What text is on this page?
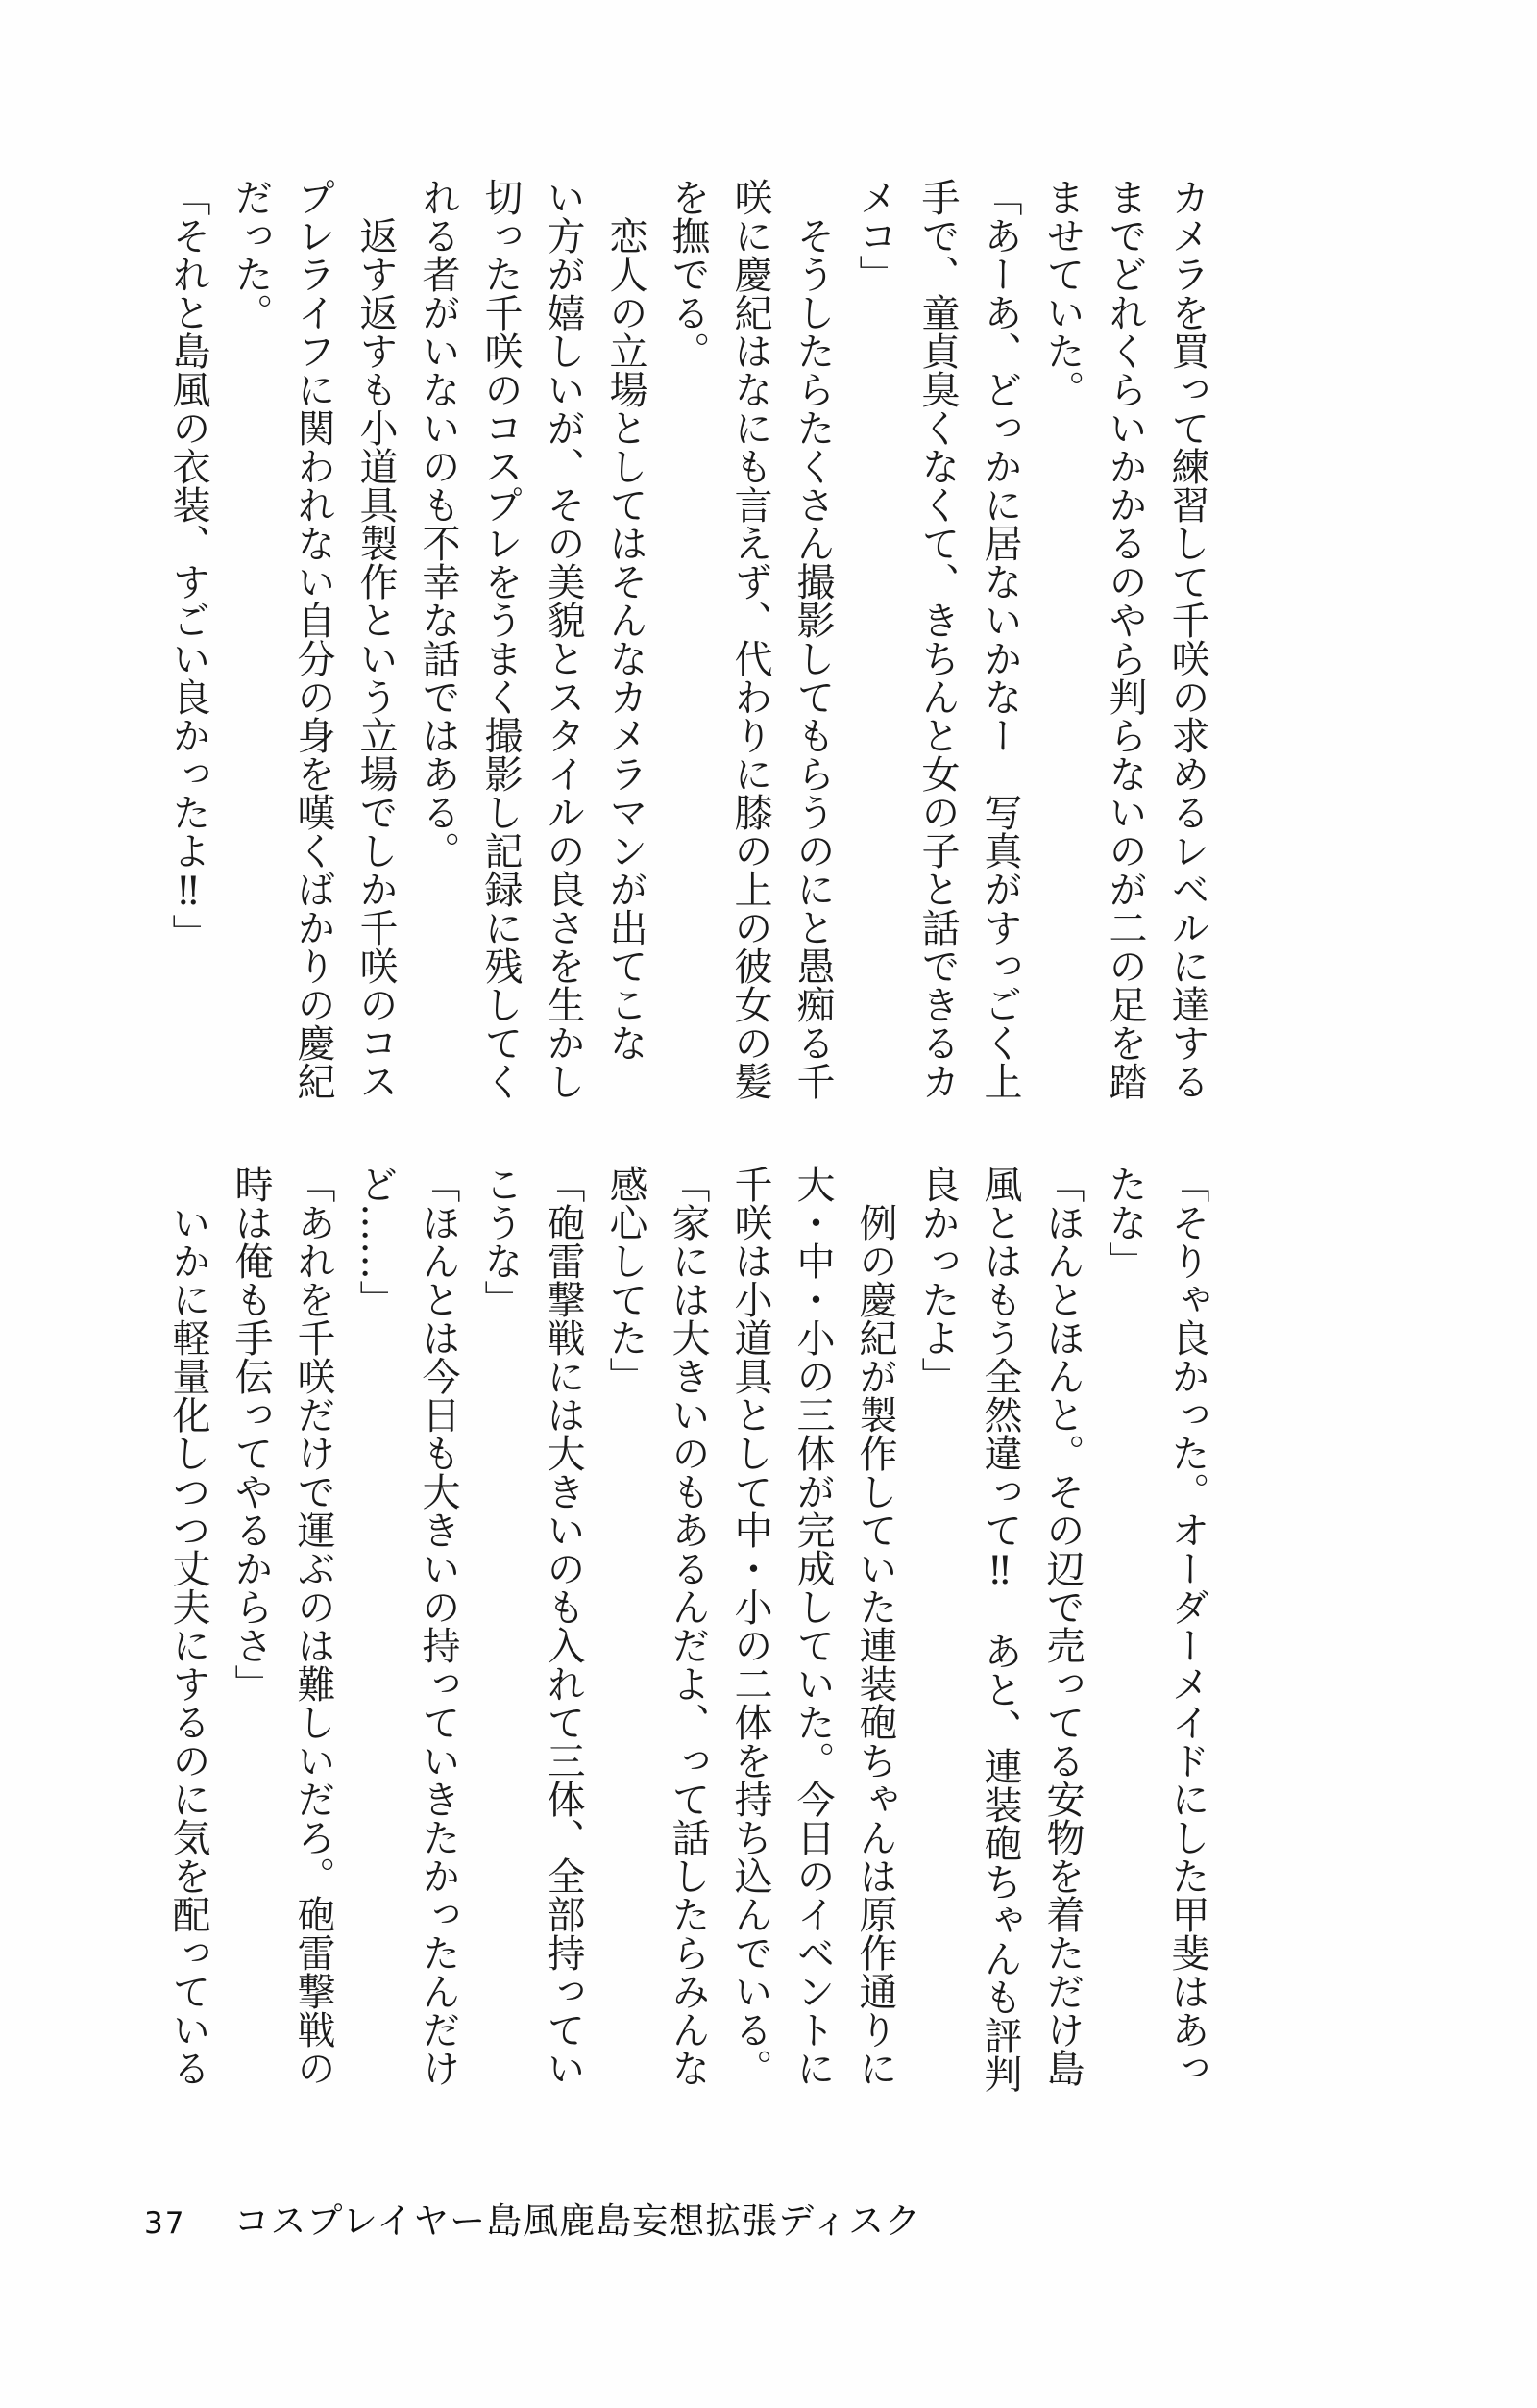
カメラを買って練習して千咲の求めるレベルに達する
までどれくらいかかるのやら判らないのが二の足を踏
ませていた。
「あーあ、どっかに居ないかなー　写真がすっごく上
手で、童貞臭くなくて、きちんと女の子と話できるカ
メコ」
そうしたらたくさん撮影してもらうのにと愚痴る千
咲に慶紀はなにも言えず、代わりに膝の上の彼女の髪
を撫でる。
恋人の立場としてはそんなカメラマンが出てこな
い方が嬉しいが、その美貌とスタイルの良さを生かし
切った千咲のコスプレをうまく撮影し記録に残してく
れる者がいないのも不幸な話ではある。
返す返すも小道具製作という立場でしか千咲のコス
プレライフに関われない自分の身を嘆くばかりの慶紀
だった。
「それと島風の衣装、すごい良かったよ‼」
「そりゃ良かった。オーダーメイドにした甲斐はあっ
たな」
「ほんとほんと。その辺で売ってる安物を着ただけ島
風とはもう全然違って‼　あと、連装砲ちゃんも評判
良かったよ」
例の慶紀が製作していた連装砲ちゃんは原作通りに
大・中・小の三体が完成していた。今日のイベントに
千咲は小道具として中・小の二体を持ち込んでいる。
「家には大きいのもあるんだよ、って話したらみんな
感心してた」
「砲雷撃戦には大きいのも入れて三体、全部持ってい
こうな」
「ほんとは今日も大きいの持っていきたかったんだけ
ど……」
「あれを千咲だけで運ぶのは難しいだろ。砲雷撃戦の
時は俺も手伝ってやるからさ」
いかに軽量化しつつ丈夫にするのに気を配っている
37 コスプレイヤー島風鹿島妄想拡張ディスク
